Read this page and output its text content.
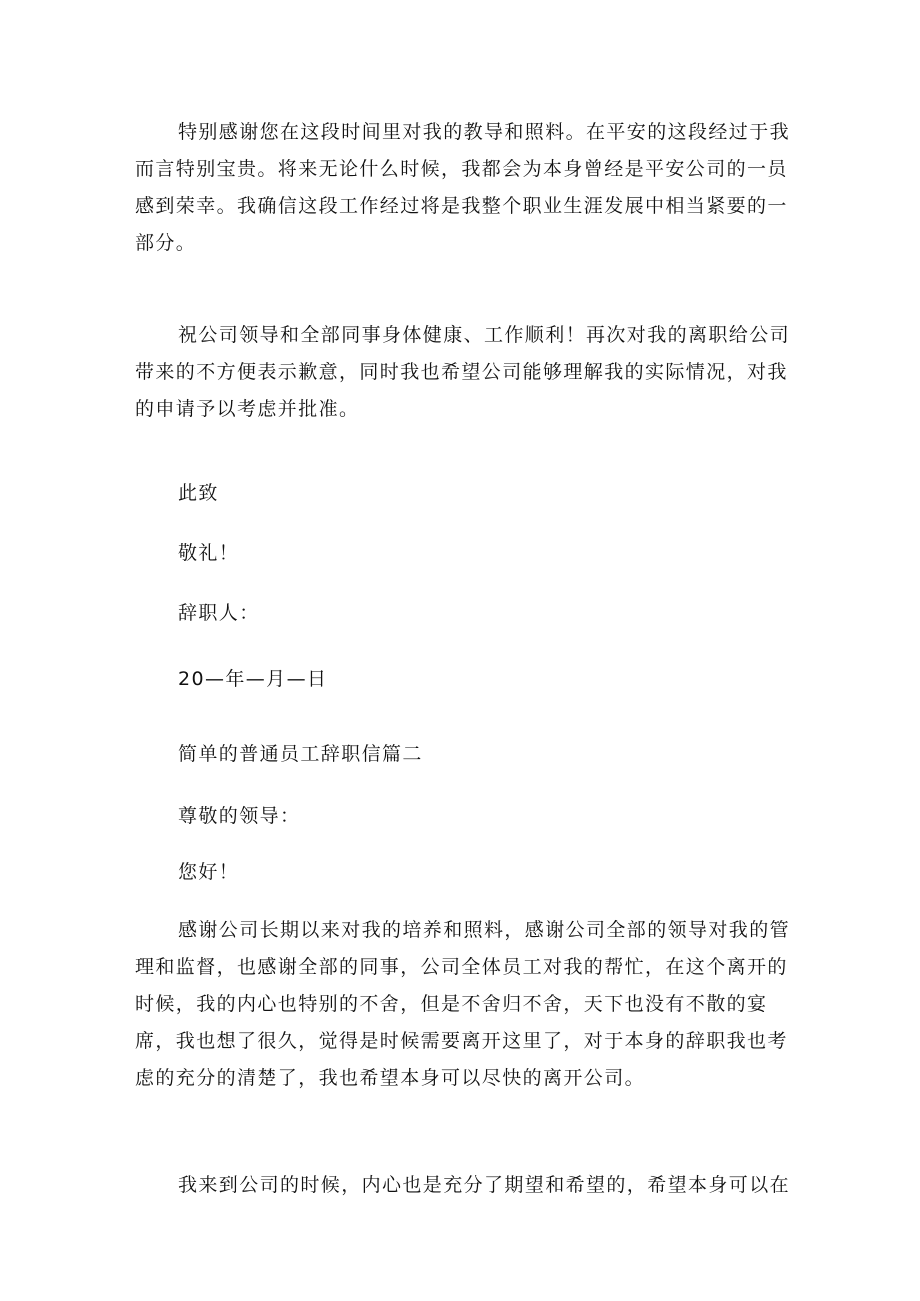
特别感谢您在这段时间里对我的教导和照料。在平安的这段经过于我
而言特别宝贵。将来无论什么时候，我都会为本身曾经是平安公司的一员
感到荣幸。我确信这段工作经过将是我整个职业生涯发展中相当紧要的一
部分。

祝公司领导和全部同事身体健康、工作顺利！再次对我的离职给公司
带来的不方便表示歉意，同时我也希望公司能够理解我的实际情况，对我
的申请予以考虑并批准。

此致

敬礼！

辞职人：

20—年—月—日

简单的普通员工辞职信篇二

尊敬的领导：

您好！

感谢公司长期以来对我的培养和照料，感谢公司全部的领导对我的管
理和监督，也感谢全部的同事，公司全体员工对我的帮忙，在这个离开的
时候，我的内心也特别的不舍，但是不舍归不舍，天下也没有不散的宴
席，我也想了很久，觉得是时候需要离开这里了，对于本身的辞职我也考
虑的充分的清楚了，我也希望本身可以尽快的离开公司。

我来到公司的时候，内心也是充分了期望和希望的，希望本身可以在
